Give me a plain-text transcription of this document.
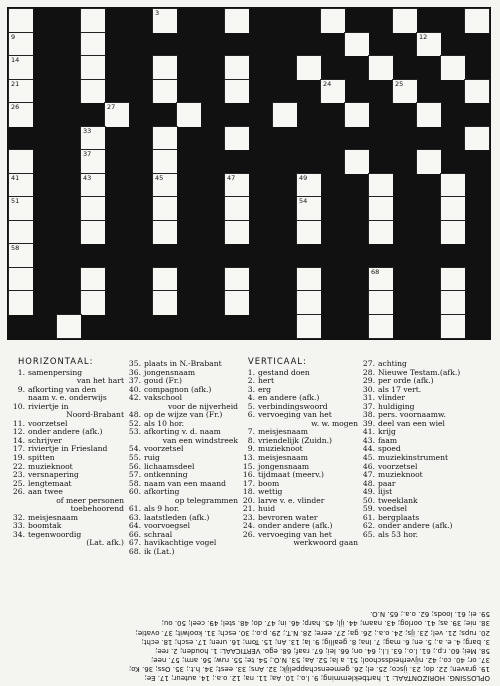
1	2	3	4	5	6	7	8
9	11	12
14	15	16	17	18
21	22	23	24	25
26	27	28	29	30	31
32	33	34	35
37	38	39	40
41	43	44 45	46 47	48 49	50
51	52	53	54	55
56	57
58 59	60	61 62	63	64 65
66	67	68
HORIZONTAAL:
1. samenpersing
van het hart
9. afkorting van den
naam v. e. onderwijs
10. riviertje in
Noord-Brabant
11. voorzetsel
12. onder andere (afk.)
14. schrijver
17. riviertje in Friesland
19. spitten
22. muzieknoot
23. versnapering
25. lengtemaat
26. aan twee
of meer personen
toebehoorend
32. meisjesnaam
33. boomtak
34. tegenwoordig
(Lat. afk.)
35. plaats in N.-Brabant
36. jongensnaam
37. goud (Fr.)
40. compagnon (afk.)
42. vakschool
voor de nijverheid
48. op de wijze van (Fr.)
52. als 10 hor.
53. afkorting v. d. naam
van een windstreek
54. voorzetsel
55. ruig
56. lichaamsdeel
57. ontkenning
58. naam van een maand
60. afkorting
op telegrammen
61. als 9 hor.
63. laatstleden (afk.)
64. voorvoegsel
66. schraal
67. havikachtige vogel
68. ik (Lat.)
VERTICAAL:
1. gestand doen
2. hert
3. erg
4. en andere (afk.)
5. verbindingswoord
6. vervoeging van het
w. w. mogen
7. meisjesnaam
8. vriendelijk (Zuidn.)
9. muzieknoot
13. meisjesnaam
15. jongensnaam
16. tijdmaat (meerv.)
17. boom
18. wettig
20. larve v. e. vlinder
21. huid
23. bevroren water
24. onder andere (afk.)
26. vervoeging van het
werkwoord gaan
27. achting
28. Nieuwe Testam.(afk.)
29. per orde (afk.)
30. als 17 vert.
31. vlinder
37. huldiging
38. pers. voornaamw.
39. deel van een wiel
41. krijg
43. faam
44. spoed
45. muziekinstrument
46. voorzetsel
47. muzieknoot
48. paar
49. lijst
50. tweeklank
59. voedsel
61. bergplaats
62. onder andere (afk.)
65. als 53 hor.
OPLOSSING. HORIZONTAAL: 1. hartbeklemming; 9. l.o.; 10. Aa; 11. na; 12. o.a.; 14. auteur; 17. Ee;
19. graven; 22. do; 23. ijsco; 25. el; 26. gemeenschappelijk; 32. Ans; 33. eest; 34. h.t.; 35. Oss; 36. Ko;
37. or; 40. co.; 42. nijverheidsschool; 51. a la; 52. Aa; 53. N.O.; 54. te; 55. ruw; 56. arm; 57. nee;
58. Mei; 60. r.p.; 61. l.o.; 63. l.l.; 64. on; 66. lei; 67. raaf; 68. ego. VERTICAAL: 1. houden; 2. ree;
3. barg; 4. e. a.; 5. en; 6. mag; 7. Ina; 8. geallig; 9. la; 13. An; 15. Tom; 16. uren; 17. esch; 18. echt;
20. rups; 21. vel; 23. ijs; 24. o.a.; 26. ga; 27. eere; 28. N.T.; 29. p.o.; 30. esch; 31. koolwit; 37. ovatie;
38. nie; 39. as; 41. oorlog; 43. naam; 44. ijl; 45. harp; 46. in; 47. do; 48. stel; 49. ceel; 50. ou;
59. ei; 61. loods; 62. o.a.; 65. N.O.
